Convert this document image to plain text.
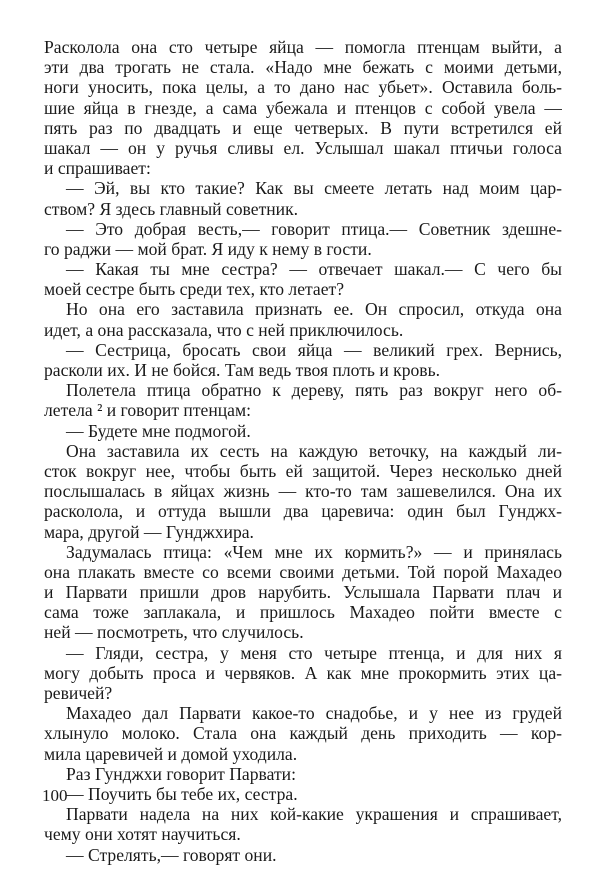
Расколола она сто четыре яйца — помогла птенцам выйти, а
эти два трогать не стала. «Надо мне бежать с моими детьми,
ноги уносить, пока целы, а то дано нас убьет». Оставила боль-
шие яйца в гнезде, а сама убежала и птенцов с собой увела —
пять раз по двадцать и еще четверых. В пути встретился ей
шакал — он у ручья сливы ел. Услышал шакал птичьи голоса
и спрашивает:
— Эй, вы кто такие? Как вы смеете летать над моим цар-
ством? Я здесь главный советник.
— Это добрая весть,— говорит птица.— Советник здешне-
го раджи — мой брат. Я иду к нему в гости.
— Какая ты мне сестра? — отвечает шакал.— С чего бы
моей сестре быть среди тех, кто летает?
Но она его заставила признать ее. Он спросил, откуда она
идет, а она рассказала, что с ней приключилось.
— Сестрица, бросать свои яйца — великий грех. Вернись,
расколи их. И не бойся. Там ведь твоя плоть и кровь.
Полетела птица обратно к дереву, пять раз вокруг него об-
летела ² и говорит птенцам:
— Будете мне подмогой.
Она заставила их сесть на каждую веточку, на каждый ли-
сток вокруг нее, чтобы быть ей защитой. Через несколько дней
послышалась в яйцах жизнь — кто-то там зашевелился. Она их
расколола, и оттуда вышли два царевича: один был Гунджх-
мара, другой — Гунджхира.
Задумалась птица: «Чем мне их кормить?» — и принялась
она плакать вместе со всеми своими детьми. Той порой Махадео
и Парвати пришли дров нарубить. Услышала Парвати плач и
сама тоже заплакала, и пришлось Махадео пойти вместе с
ней — посмотреть, что случилось.
— Гляди, сестра, у меня сто четыре птенца, и для них я
могу добыть проса и червяков. А как мне прокормить этих ца-
ревичей?
Махадео дал Парвати какое-то снадобье, и у нее из грудей
хлынуло молоко. Стала она каждый день приходить — кор-
мила царевичей и домой уходила.
Раз Гунджхи говорит Парвати:
— Поучить бы тебе их, сестра.
Парвати надела на них кой-какие украшения и спрашивает,
чему они хотят научиться.
— Стрелять,— говорят они.
100
